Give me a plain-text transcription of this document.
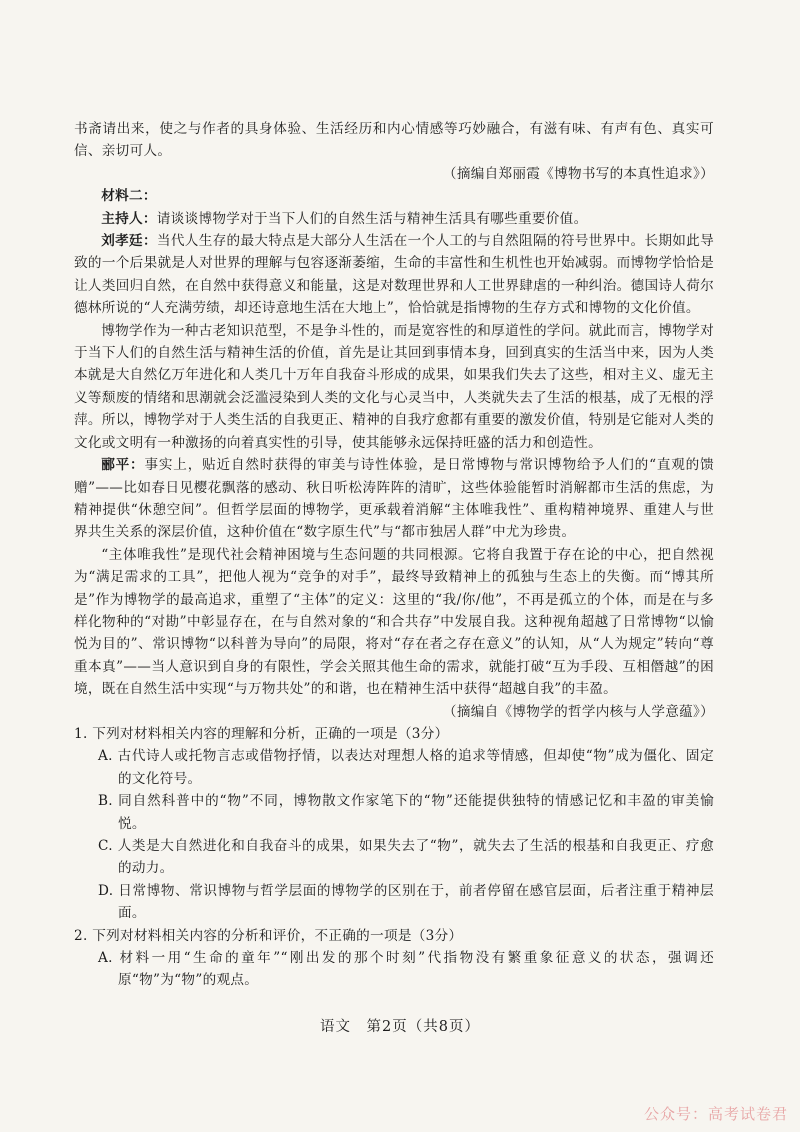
书斋请出来，使之与作者的具身体验、生活经历和内心情感等巧妙融合，有滋有味、有声有色、真实可信、亲切可人。

（摘编自郑丽霞《博物书写的本真性追求》）

材料二：

主持人：请谈谈博物学对于当下人们的自然生活与精神生活具有哪些重要价值。

刘孝廷：当代人生存的最大特点是大部分人生活在一个人工的与自然阻隔的符号世界中。长期如此导致的一个后果就是人对世界的理解与包容逐渐萎缩，生命的丰富性和生机性也开始减弱。而博物学恰恰是让人类回归自然，在自然中获得意义和能量，这是对数理世界和人工世界肆虐的一种纠治。德国诗人荷尔德林所说的“人充满劳绩，却还诗意地生活在大地上”，恰恰就是指博物的生存方式和博物的文化价值。

博物学作为一种古老知识范型，不是争斗性的，而是宽容性的和厚道性的学问。就此而言，博物学对于当下人们的自然生活与精神生活的价值，首先是让其回到事情本身，回到真实的生活当中来，因为人类本就是大自然亿万年进化和人类几十万年自我奋斗形成的成果，如果我们失去了这些，相对主义、虚无主义等颓废的情绪和思潮就会泛滥浸染到人类的文化与心灵当中，人类就失去了生活的根基，成了无根的浮萍。所以，博物学对于人类生活的自我更正、精神的自我疗愈都有重要的激发价值，特别是它能对人类的文化或文明有一种激扬的向着真实性的引导，使其能够永远保持旺盛的活力和创造性。

郦平：事实上，贴近自然时获得的审美与诗性体验，是日常博物与常识博物给予人们的“直观的馈赠”——比如春日见樱花飘落的感动、秋日听松涛阵阵的清旷，这些体验能暂时消解都市生活的焦虑，为精神提供“休憩空间”。但哲学层面的博物学，更承载着消解“主体唯我性”、重构精神境界、重建人与世界共生关系的深层价值，这种价值在“数字原生代”与“都市独居人群”中尤为珍贵。

“主体唯我性”是现代社会精神困境与生态问题的共同根源。它将自我置于存在论的中心，把自然视为“满足需求的工具”，把他人视为“竞争的对手”，最终导致精神上的孤独与生态上的失衡。而“博其所是”作为博物学的最高追求，重塑了“主体”的定义：这里的“我/你/他”，不再是孤立的个体，而是在与多样化物种的“对勘”中彰显存在，在与自然对象的“和合共存”中发展自我。这种视角超越了日常博物“以愉悦为目的”、常识博物“以科普为导向”的局限，将对“存在者之存在意义”的认知，从“人为规定”转向“尊重本真”——当人意识到自身的有限性，学会关照其他生命的需求，就能打破“互为手段、互相僭越”的困境，既在自然生活中实现“与万物共处”的和谐，也在精神生活中获得“超越自我”的丰盈。

（摘编自《博物学的哲学内核与人学意蕴》）

1. 下列对材料相关内容的理解和分析，正确的一项是（3分）

A. 古代诗人或托物言志或借物抒情，以表达对理想人格的追求等情感，但却使“物”成为僵化、固定的文化符号。

B. 同自然科普中的“物”不同，博物散文作家笔下的“物”还能提供独特的情感记忆和丰盈的审美愉悦。

C. 人类是大自然进化和自我奋斗的成果，如果失去了“物”，就失去了生活的根基和自我更正、疗愈的动力。

D. 日常博物、常识博物与哲学层面的博物学的区别在于，前者停留在感官层面，后者注重于精神层面。

2. 下列对材料相关内容的分析和评价，不正确的一项是（3分）

A. 材料一用“生命的童年”“刚出发的那个时刻”代指物没有繁重象征意义的状态，强调还原“物”为“物”的观点。

语文　第2页（共8页）
公众号：高考试卷君
